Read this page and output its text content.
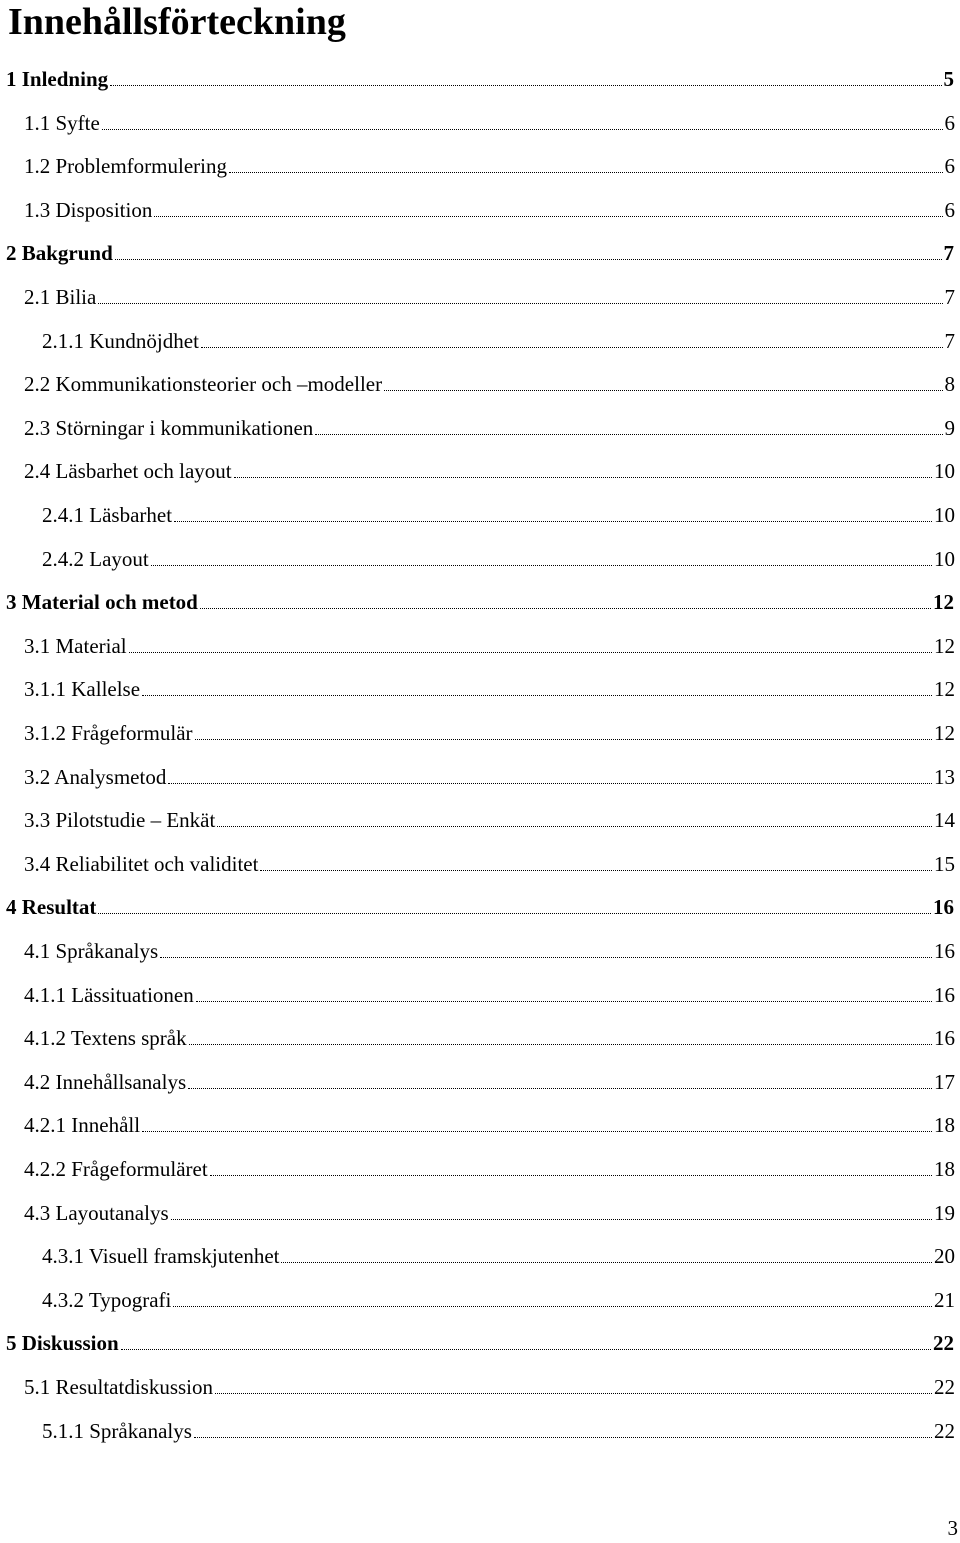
Innehållsförteckning
1 Inledning	5
1.1 Syfte	6
1.2 Problemformulering	6
1.3 Disposition	6
2 Bakgrund	7
2.1 Bilia	7
2.1.1 Kundnöjdhet	7
2.2 Kommunikationsteorier och –modeller	8
2.3 Störningar i kommunikationen	9
2.4 Läsbarhet och layout	10
2.4.1 Läsbarhet	10
2.4.2 Layout	10
3 Material och metod	12
3.1 Material	12
3.1.1 Kallelse	12
3.1.2 Frågeformulär	12
3.2 Analysmetod	13
3.3 Pilotstudie – Enkät	14
3.4 Reliabilitet och validitet	15
4 Resultat	16
4.1 Språkanalys	16
4.1.1 Lässituationen	16
4.1.2 Textens språk	16
4.2 Innehållsanalys	17
4.2.1 Innehåll	18
4.2.2 Frågeformuläret	18
4.3 Layoutanalys	19
4.3.1 Visuell framskjutenhet	20
4.3.2 Typografi	21
5 Diskussion	22
5.1 Resultatdiskussion	22
5.1.1 Språkanalys	22
3
